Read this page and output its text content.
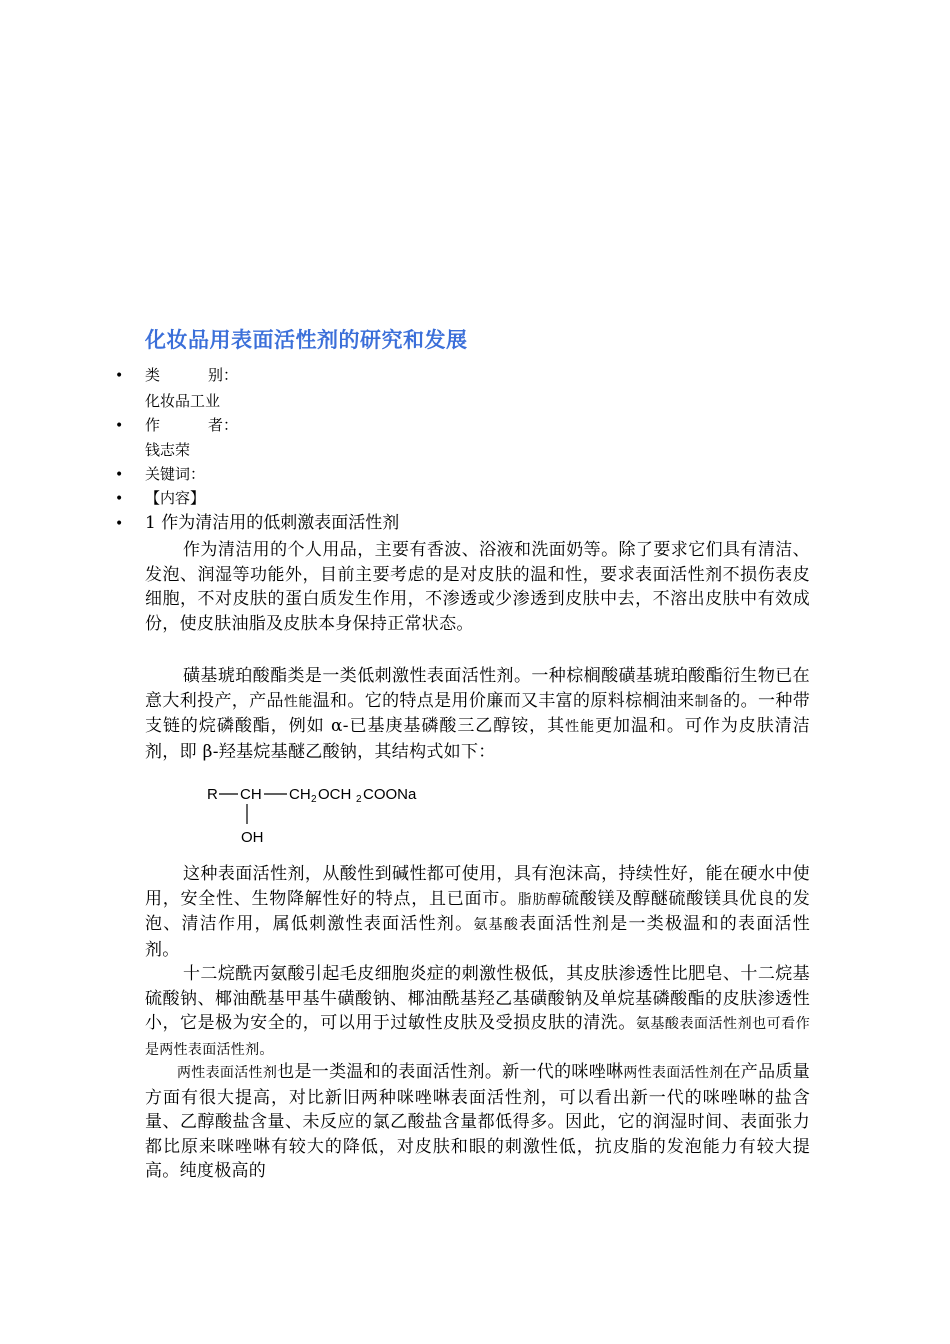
化妆品用表面活性剂的研究和发展
• 类	别：
化妆品工业
• 作	者：
钱志荣
• 关键词：
• 【内容】
• 1 作为清洁用的低刺激表面活性剂
作为清洁用的个人用品，主要有香波、浴液和洗面奶等。除了要求它们具有清洁、发泡、润湿等功能外，目前主要考虑的是对皮肤的温和性，要求表面活性剂不损伤表皮细胞，不对皮肤的蛋白质发生作用，不渗透或少渗透到皮肤中去，不溶出皮肤中有效成份，使皮肤油脂及皮肤本身保持正常状态。
磺基琥珀酸酯类是一类低刺激性表面活性剂。一种棕榈酸磺基琥珀酸酯衍生物已在意大利投产，产品性能温和。它的特点是用价廉而又丰富的原料棕榈油来制备的。一种带支链的烷磷酸酯，例如 α-已基庚基磷酸三乙醇铵，其性能更加温和。可作为皮肤清洁剂，即 β-羟基烷基醚乙酸钠，其结构式如下：
R CH CH 2 OCH 2 COONa
OH
这种表面活性剂，从酸性到碱性都可使用，具有泡沫高，持续性好，能在硬水中使用，安全性、生物降解性好的特点，且已面市。脂肪醇硫酸镁及醇醚硫酸镁具优良的发泡、清洁作用，属低刺激性表面活性剂。氨基酸表面活性剂是一类极温和的表面活性剂。
十二烷酰丙氨酸引起毛皮细胞炎症的刺激性极低，其皮肤渗透性比肥皂、十二烷基硫酸钠、椰油酰基甲基牛磺酸钠、椰油酰基羟乙基磺酸钠及单烷基磷酸酯的皮肤渗透性小，它是极为安全的，可以用于过敏性皮肤及受损皮肤的清洗。氨基酸表面活性剂也可看作是两性表面活性剂。
两性表面活性剂也是一类温和的表面活性剂。新一代的咪唑啉两性表面活性剂在产品质量方面有很大提高，对比新旧两种咪唑啉表面活性剂，可以看出新一代的咪唑啉的盐含量、乙醇酸盐含量、未反应的氯乙酸盐含量都低得多。因此，它的润湿时间、表面张力都比原来咪唑啉有较大的降低，对皮肤和眼的刺激性低，抗皮脂的发泡能力有较大提高。纯度极高的
